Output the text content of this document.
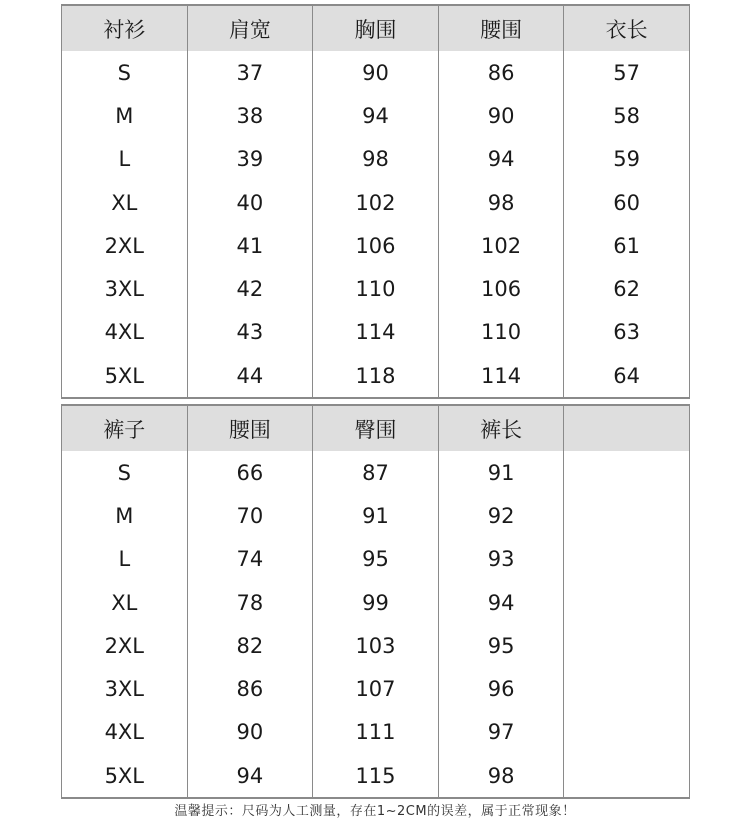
衬衫	肩宽	胸围	腰围	衣长
S	37	90	86	57
M	38	94	90	58
L	39	98	94	59
XL	40	102	98	60
2XL	41	106	102	61
3XL	42	110	106	62
4XL	43	114	110	63
5XL	44	118	114	64
裤子	腰围	臀围	裤长	
S	66	87	91	
M	70	91	92	
L	74	95	93	
XL	78	99	94	
2XL	82	103	95	
3XL	86	107	96	
4XL	90	111	97	
5XL	94	115	98	
温馨提示：尺码为人工测量，存在1~2CM的误差，属于正常现象！
